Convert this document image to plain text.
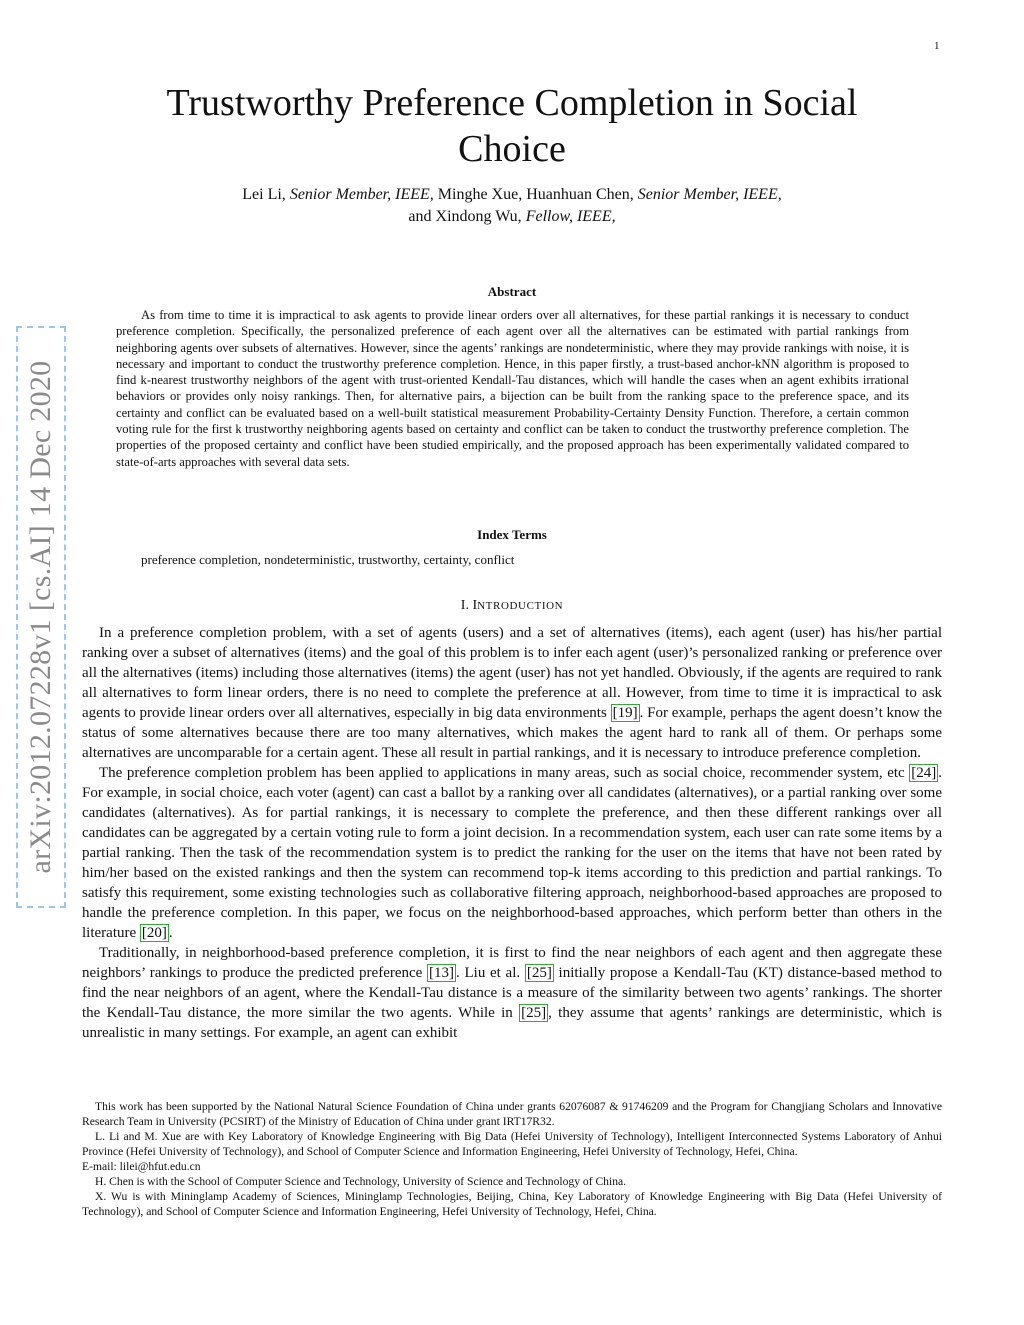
1
arXiv:2012.07228v1 [cs.AI] 14 Dec 2020
Trustworthy Preference Completion in Social Choice
Lei Li, Senior Member, IEEE, Minghe Xue, Huanhuan Chen, Senior Member, IEEE,
and Xindong Wu, Fellow, IEEE,
Abstract

As from time to time it is impractical to ask agents to provide linear orders over all alternatives, for these partial rankings it is necessary to conduct preference completion. Specifically, the personalized preference of each agent over all the alternatives can be estimated with partial rankings from neighboring agents over subsets of alternatives. However, since the agents’ rankings are nondeterministic, where they may provide rankings with noise, it is necessary and important to conduct the trustworthy preference completion. Hence, in this paper firstly, a trust-based anchor-kNN algorithm is proposed to find k-nearest trustworthy neighbors of the agent with trust-oriented Kendall-Tau distances, which will handle the cases when an agent exhibits irrational behaviors or provides only noisy rankings. Then, for alternative pairs, a bijection can be built from the ranking space to the preference space, and its certainty and conflict can be evaluated based on a well-built statistical measurement Probability-Certainty Density Function. Therefore, a certain common voting rule for the first k trustworthy neighboring agents based on certainty and conflict can be taken to conduct the trustworthy preference completion. The properties of the proposed certainty and conflict have been studied empirically, and the proposed approach has been experimentally validated compared to state-of-arts approaches with several data sets.

Index Terms
preference completion, nondeterministic, trustworthy, certainty, conflict
I. INTRODUCTION

In a preference completion problem, with a set of agents (users) and a set of alternatives (items), each agent (user) has his/her partial ranking over a subset of alternatives (items) and the goal of this problem is to infer each agent (user)’s personalized ranking or preference over all the alternatives (items) including those alternatives (items) the agent (user) has not yet handled. Obviously, if the agents are required to rank all alternatives to form linear orders, there is no need to complete the preference at all. However, from time to time it is impractical to ask agents to provide linear orders over all alternatives, especially in big data environments [19] . For example, perhaps the agent doesn’t know the status of some alternatives because there are too many alternatives, which makes the agent hard to rank all of them. Or perhaps some alternatives are uncomparable for a certain agent. These all result in partial rankings, and it is necessary to introduce preference completion.

The preference completion problem has been applied to applications in many areas, such as social choice, recommender system, etc [24] . For example, in social choice, each voter (agent) can cast a ballot by a ranking over all candidates (alternatives), or a partial ranking over some candidates (alternatives). As for partial rankings, it is necessary to complete the preference, and then these different rankings over all candidates can be aggregated by a certain voting rule to form a joint decision. In a recommendation system, each user can rate some items by a partial ranking. Then the task of the recommendation system is to predict the ranking for the user on the items that have not been rated by him/her based on the existed rankings and then the system can recommend top-k items according to this prediction and partial rankings. To satisfy this requirement, some existing technologies such as collaborative filtering approach, neighborhood-based approaches are proposed to handle the preference completion. In this paper, we focus on the neighborhood-based approaches, which perform better than others in the literature [20] .

Traditionally, in neighborhood-based preference completion, it is first to find the near neighbors of each agent and then aggregate these neighbors’ rankings to produce the predicted preference [13] . Liu et al. [25] initially propose a Kendall-Tau (KT) distance-based method to find the near neighbors of an agent, where the Kendall-Tau distance is a measure of the similarity between two agents’ rankings. The shorter the Kendall-Tau distance, the more similar the two agents. While in [25] , they assume that agents’ rankings are deterministic, which is unrealistic in many settings. For example, an agent can exhibit

This work has been supported by the National Natural Science Foundation of China under grants 62076087 & 91746209 and the Program for Changjiang Scholars and Innovative Research Team in University (PCSIRT) of the Ministry of Education of China under grant IRT17R32.

L. Li and M. Xue are with Key Laboratory of Knowledge Engineering with Big Data (Hefei University of Technology), Intelligent Interconnected Systems Laboratory of Anhui Province (Hefei University of Technology), and School of Computer Science and Information Engineering, Hefei University of Technology, Hefei, China.

E-mail: lilei@hfut.edu.cn

H. Chen is with the School of Computer Science and Technology, University of Science and Technology of China.

X. Wu is with Mininglamp Academy of Sciences, Mininglamp Technologies, Beijing, China, Key Laboratory of Knowledge Engineering with Big Data (Hefei University of Technology), and School of Computer Science and Information Engineering, Hefei University of Technology, Hefei, China.
